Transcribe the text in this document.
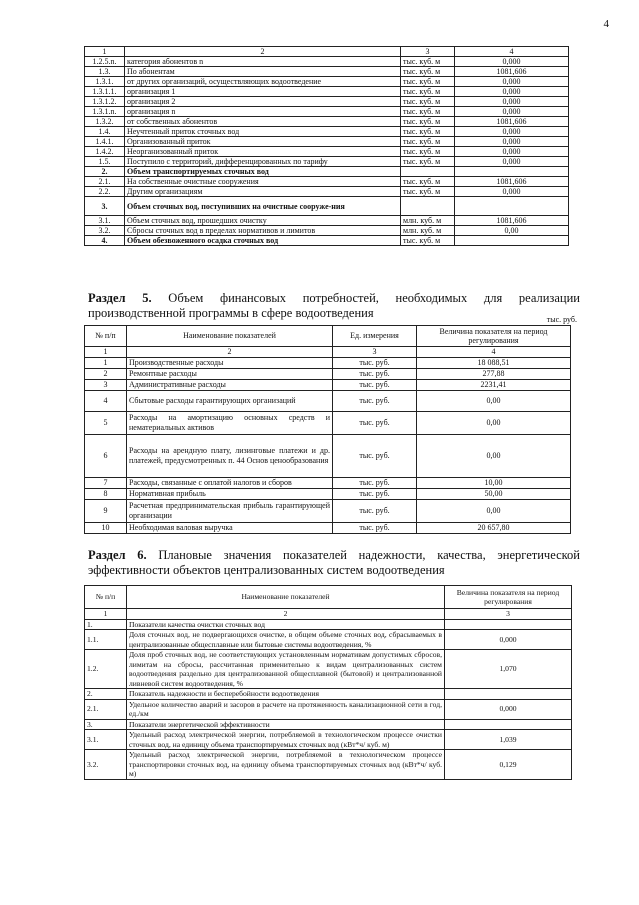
4
1	2	3	4
1.2.5.n.	категория абонентов n	тыс. куб. м	0,000
1.3.	По абонентам	тыс. куб. м	1081,606
1.3.1.	от других организаций, осуществляющих водоотведение	тыс. куб. м	0,000
1.3.1.1.	организация 1	тыс. куб. м	0,000
1.3.1.2.	организация 2	тыс. куб. м	0,000
1.3.1.n.	организация n	тыс. куб. м	0,000
1.3.2.	от собственных абонентов	тыс. куб. м	1081,606
1.4.	Неучтенный приток сточных вод	тыс. куб. м	0,000
1.4.1.	Организованный приток	тыс. куб. м	0,000
1.4.2.	Неорганизованный приток	тыс. куб. м	0,000
1.5.	Поступило с территорий, дифференцированных по тарифу	тыс. куб. м	0,000
2.	Объем транспортируемых сточных вод		
2.1.	На собственные очистные сооружения	тыс. куб. м	1081,606
2.2.	Другим организациям	тыс. куб. м	0,000
3.	Объем сточных вод, поступивших на очистные сооруже-ния		
3.1.	Объем сточных вод, прошедших очистку	млн. куб. м	1081,606
3.2.	Сбросы сточных вод в пределах нормативов и лимитов	млн. куб. м	0,00
4.	Объем обезвоженного осадка сточных вод	тыс. куб. м	
Раздел 5. Объем финансовых потребностей, необходимых для реализации производственной программы в сфере водоотведения	тыс. руб.
№ п/п	Наименование показателей	Ед. измерения	Величина показателя на период регулирования
1	2	3	4
1	Производственные расходы	тыс. руб.	18 088,51
2	Ремонтные расходы	тыс. руб.	277,88
3	Административные расходы	тыс. руб.	2231,41
4	Сбытовые расходы гарантирующих организаций	тыс. руб.	0,00
5	Расходы на амортизацию основных средств и нематериальных активов	тыс. руб.	0,00
6	Расходы на арендную плату, лизинговые платежи и др. платежей, предусмотренных п. 44 Основ ценообразования	тыс. руб.	0,00
7	Расходы, связанные с оплатой налогов и сборов	тыс. руб.	10,00
8	Нормативная прибыль	тыс. руб.	50,00
9	Расчетная предпринимательская прибыль гарантирующей организации	тыс. руб.	0,00
10	Необходимая валовая выручка	тыс. руб.	20 657,80
Раздел 6. Плановые значения показателей надежности, качества, энергетической эффективности объектов централизованных систем водоотведения
№ п/п	Наименование показателей	Величина показателя на период регулирования
1	2	3
1.	Показатели качества очистки сточных вод	
1.1.	Доля сточных вод, не подвергающихся очистке, в общем объеме сточных вод, сбрасываемых в централизованные общесплавные или бытовые системы водоотведения, %	0,000
1.2.	Доля проб сточных вод, не соответствующих установленным нормативам допустимых сбросов, лимитам на сбросы, рассчитанная применительно к видам централизованных систем водоотведения раздельно для централизованной общесплавной (бытовой) и централизованной ливневой систем водоотведения, %	1,070
2.	Показатель надежности и бесперебойности водоотведения	
2.1.	Удельное количество аварий и засоров в расчете на протяженность канализационной сети в год, ед./км	0,000
3.	Показатели энергетической эффективности	
3.1.	Удельный расход электрической энергии, потребляемой в технологическом процессе очистки сточных вод, на единицу объема транспортируемых сточных вод (кВт*ч/ куб. м)	1,039
3.2.	Удельный расход электрической энергии, потребляемой в технологическом процессе транспортировки сточных вод, на единицу объема транспортируемых сточных вод (кВт*ч/ куб. м)	0,129
